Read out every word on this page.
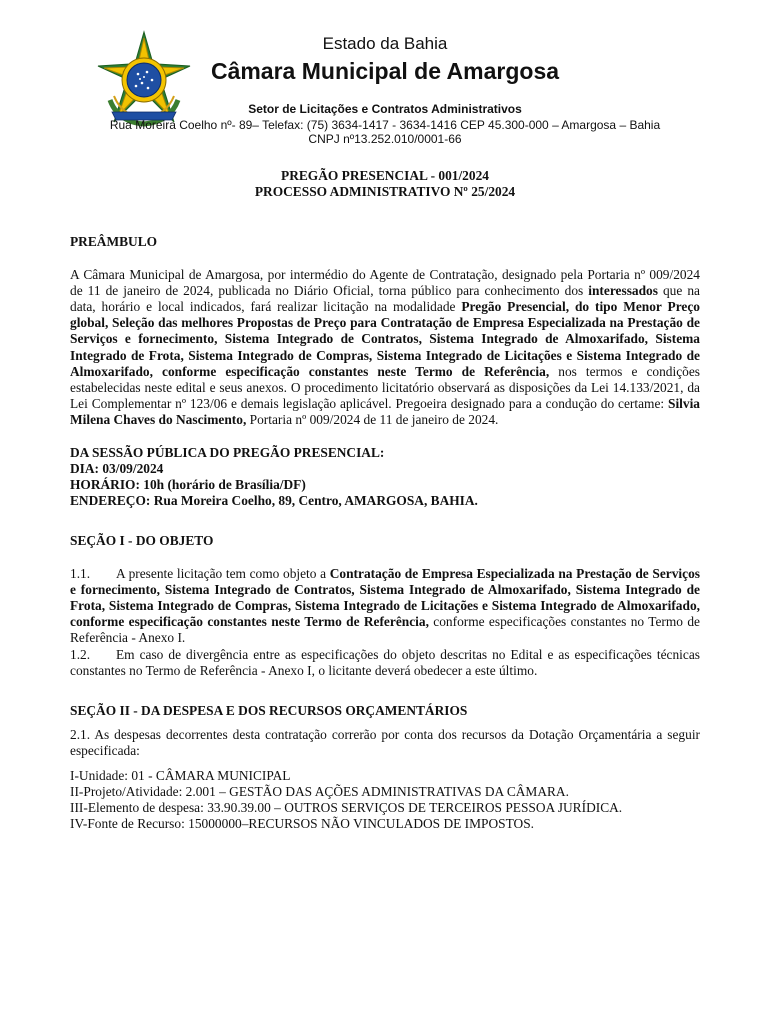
Estado da Bahia
Câmara Municipal de Amargosa
Setor de Licitações e Contratos Administrativos
Rua Moreira Coelho nº- 89– Telefax: (75) 3634-1417 - 3634-1416 CEP 45.300-000 – Amargosa – Bahia
CNPJ nº13.252.010/0001-66
PREGÃO PRESENCIAL - 001/2024
PROCESSO ADMINISTRATIVO Nº 25/2024

PREÂMBULO

A Câmara Municipal de Amargosa, por intermédio do Agente de Contratação, designado pela Portaria nº 009/2024 de 11 de janeiro de 2024, publicada no Diário Oficial, torna público para conhecimento dos interessados que na data, horário e local indicados, fará realizar licitação na modalidade Pregão Presencial, do tipo Menor Preço global, Seleção das melhores Propostas de Preço para Contratação de Empresa Especializada na Prestação de Serviços e fornecimento, Sistema Integrado de Contratos, Sistema Integrado de Almoxarifado, Sistema Integrado de Frota, Sistema Integrado de Compras, Sistema Integrado de Licitações e Sistema Integrado de Almoxarifado, conforme especificação constantes neste Termo de Referência, nos termos e condições estabelecidas neste edital e seus anexos. O procedimento licitatório observará as disposições da Lei 14.133/2021, da Lei Complementar nº 123/06 e demais legislação aplicável. Pregoeira designado para a condução do certame: Silvia Milena Chaves do Nascimento, Portaria nº 009/2024 de 11 de janeiro de 2024.

DA SESSÃO PÚBLICA DO PREGÃO PRESENCIAL:
DIA: 03/09/2024
HORÁRIO: 10h (horário de Brasília/DF)
ENDEREÇO: Rua Moreira Coelho, 89, Centro, AMARGOSA, BAHIA.

SEÇÃO I - DO OBJETO

1.1. A presente licitação tem como objeto a Contratação de Empresa Especializada na Prestação de Serviços e fornecimento, Sistema Integrado de Contratos, Sistema Integrado de Almoxarifado, Sistema Integrado de Frota, Sistema Integrado de Compras, Sistema Integrado de Licitações e Sistema Integrado de Almoxarifado, conforme especificação constantes neste Termo de Referência, conforme especificações constantes no Termo de Referência - Anexo I.

1.2. Em caso de divergência entre as especificações do objeto descritas no Edital e as especificações técnicas constantes no Termo de Referência - Anexo I, o licitante deverá obedecer a este último.

SEÇÃO II - DA DESPESA E DOS RECURSOS ORÇAMENTÁRIOS

2.1. As despesas decorrentes desta contratação correrão por conta dos recursos da Dotação Orçamentária a seguir especificada:

I-Unidade: 01 - CÂMARA MUNICIPAL

II-Projeto/Atividade: 2.001 – GESTÃO DAS AÇÕES ADMINISTRATIVAS DA CÂMARA.

III-Elemento de despesa: 33.90.39.00 – OUTROS SERVIÇOS DE TERCEIROS PESSOA JURÍDICA.

IV-Fonte de Recurso: 15000000–RECURSOS NÃO VINCULADOS DE IMPOSTOS.
